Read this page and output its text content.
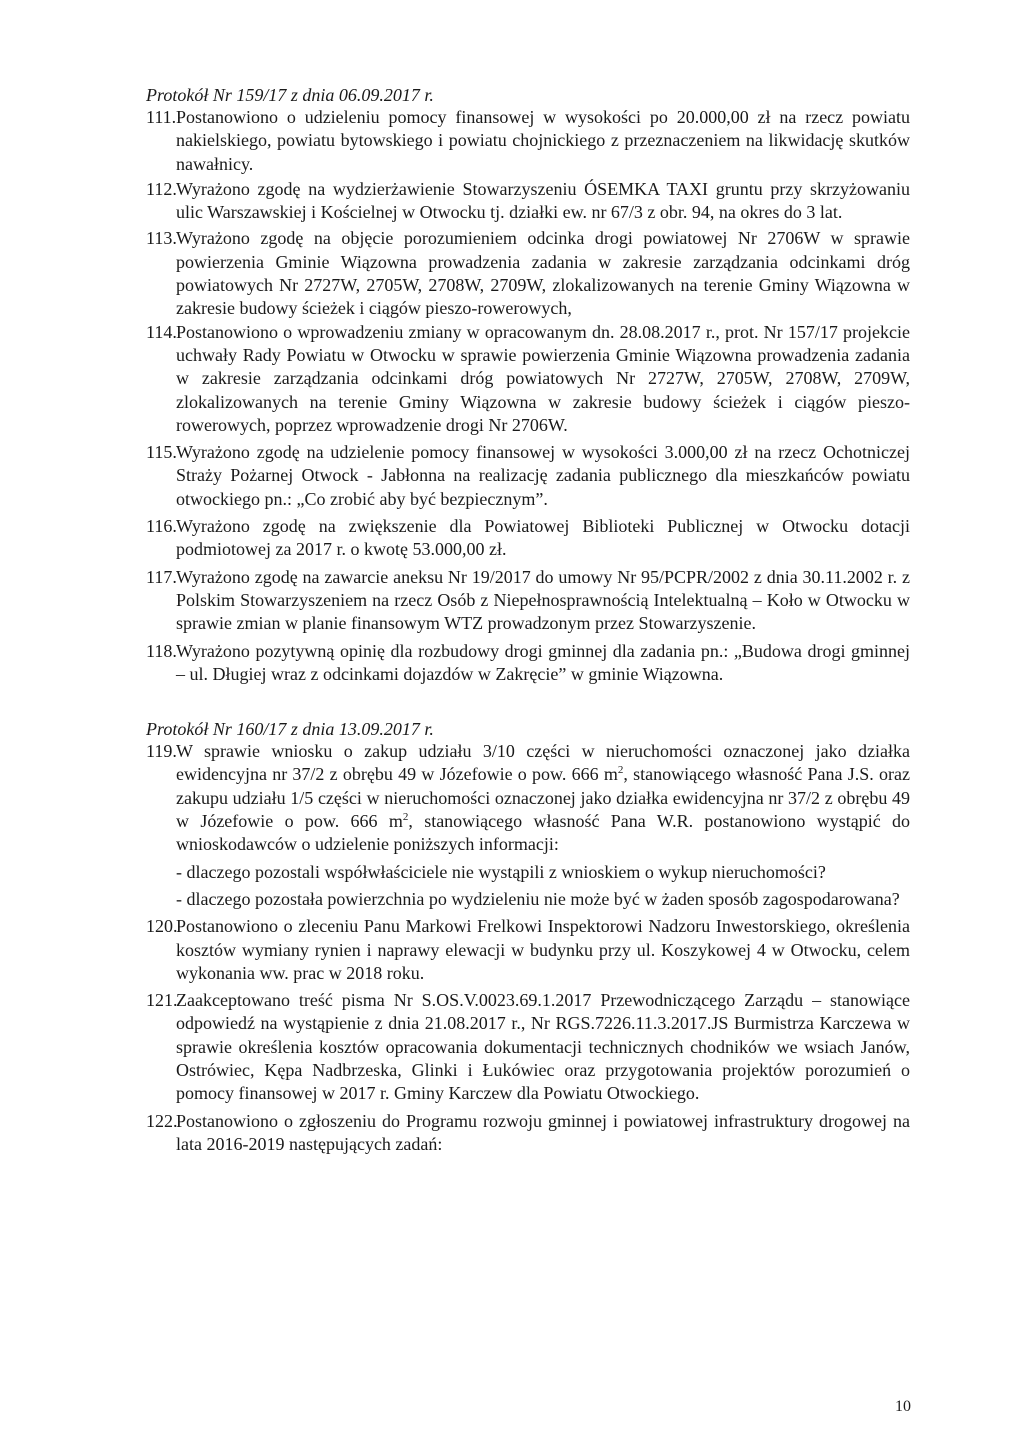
Protokół Nr 159/17 z dnia 06.09.2017 r.

111.Postanowiono o udzieleniu pomocy finansowej w wysokości po 20.000,00 zł na rzecz powiatu nakielskiego, powiatu bytowskiego i powiatu chojnickiego z przeznaczeniem na likwidację skutków nawałnicy.
112.Wyrażono zgodę na wydzierżawienie Stowarzyszeniu ÓSEMKA TAXI gruntu przy skrzyżowaniu ulic Warszawskiej i Kościelnej w Otwocku tj. działki ew. nr 67/3 z obr. 94, na okres do 3 lat.
113.Wyrażono zgodę na objęcie porozumieniem odcinka drogi powiatowej Nr 2706W w sprawie powierzenia Gminie Wiązowna prowadzenia zadania w zakresie zarządzania odcinkami dróg powiatowych Nr 2727W, 2705W, 2708W, 2709W, zlokalizowanych na terenie Gminy Wiązowna w zakresie budowy ścieżek i ciągów pieszo-rowerowych,
114.Postanowiono o wprowadzeniu zmiany w opracowanym dn. 28.08.2017 r., prot. Nr 157/17 projekcie uchwały Rady Powiatu w Otwocku w sprawie powierzenia Gminie Wiązowna prowadzenia zadania w zakresie zarządzania odcinkami dróg powiatowych Nr 2727W, 2705W, 2708W, 2709W, zlokalizowanych na terenie Gminy Wiązowna w zakresie budowy ścieżek i ciągów pieszo-rowerowych, poprzez wprowadzenie drogi Nr 2706W.
115.Wyrażono zgodę na udzielenie pomocy finansowej w wysokości 3.000,00 zł na rzecz Ochotniczej Straży Pożarnej Otwock - Jabłonna na realizację zadania publicznego dla mieszkańców powiatu otwockiego pn.: „Co zrobić aby być bezpiecznym”.
116.Wyrażono zgodę na zwiększenie dla Powiatowej Biblioteki Publicznej w Otwocku dotacji podmiotowej za 2017 r. o kwotę 53.000,00 zł.
117.Wyrażono zgodę na zawarcie aneksu Nr 19/2017 do umowy Nr 95/PCPR/2002 z dnia 30.11.2002 r. z Polskim Stowarzyszeniem na rzecz Osób z Niepełnosprawnością Intelektualną – Koło w Otwocku w sprawie zmian w planie finansowym WTZ prowadzonym przez Stowarzyszenie.
118.Wyrażono pozytywną opinię dla rozbudowy drogi gminnej dla zadania pn.: „Budowa drogi gminnej – ul. Długiej wraz z odcinkami dojazdów w Zakręcie” w gminie Wiązowna.

Protokół Nr 160/17 z dnia 13.09.2017 r.

119.W sprawie wniosku o zakup udziału 3/10 części w nieruchomości oznaczonej jako działka ewidencyjna nr 37/2 z obrębu 49 w Józefowie o pow. 666 $m^2$, stanowiącego własność Pana J.S. oraz zakupu udziału 1/5 części w nieruchomości oznaczonej jako działka ewidencyjna nr 37/2 z obrębu 49 w Józefowie o pow. 666 $m^2$, stanowiącego własność Pana W.R. postanowiono wystąpić do wnioskodawców o udzielenie poniższych informacji:
- dlaczego pozostali współwłaściciele nie wystąpili z wnioskiem o wykup nieruchomości?
- dlaczego pozostała powierzchnia po wydzieleniu nie może być w żaden sposób zagospodarowana?
120.Postanowiono o zleceniu Panu Markowi Frelkowi Inspektorowi Nadzoru Inwestorskiego, określenia kosztów wymiany rynien i naprawy elewacji w budynku przy ul. Koszykowej 4 w Otwocku, celem wykonania ww. prac w 2018 roku.
121.Zaakceptowano treść pisma Nr S.OS.V.0023.69.1.2017 Przewodniczącego Zarządu – stanowiące odpowiedź na wystąpienie z dnia 21.08.2017 r., Nr RGS.7226.11.3.2017.JS Burmistrza Karczewa w sprawie określenia kosztów opracowania dokumentacji technicznych chodników we wsiach Janów, Ostrówiec, Kępa Nadbrzeska, Glinki i Łukówiec oraz przygotowania projektów porozumień o pomocy finansowej w 2017 r. Gminy Karczew dla Powiatu Otwockiego.
122.Postanowiono o zgłoszeniu do Programu rozwoju gminnej i powiatowej infrastruktury drogowej na lata 2016-2019 następujących zadań:
10
